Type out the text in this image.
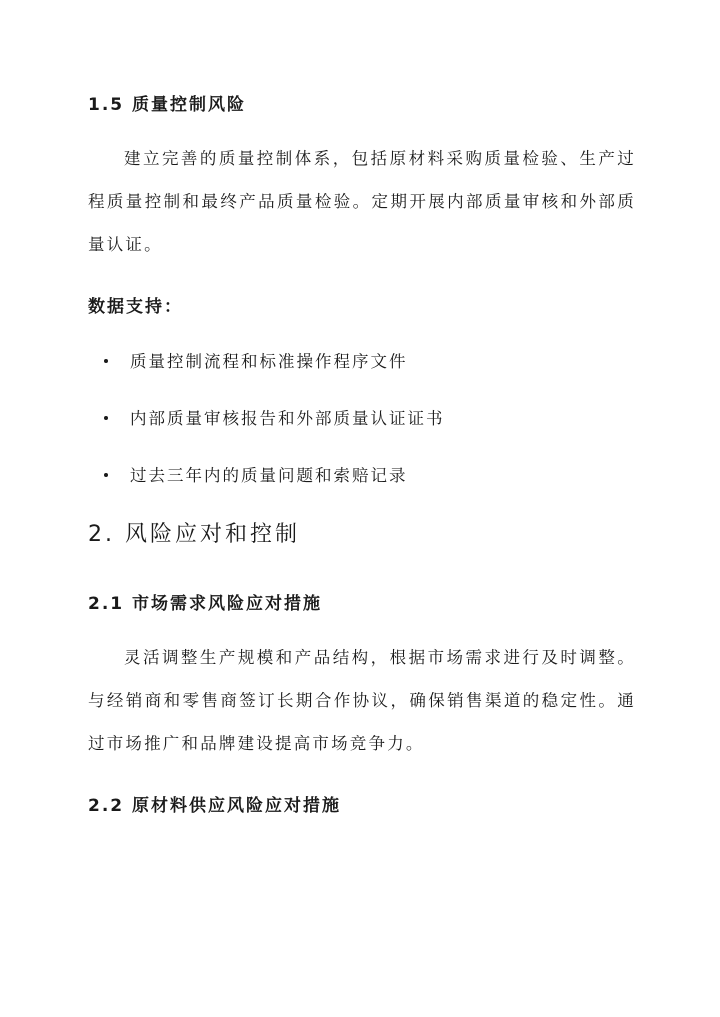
1.5 质量控制风险

建立完善的质量控制体系，包括原材料采购质量检验、生产过程质量控制和最终产品质量检验。定期开展内部质量审核和外部质量认证。

数据支持：
质量控制流程和标准操作程序文件
内部质量审核报告和外部质量认证证书
过去三年内的质量问题和索赔记录
2. 风险应对和控制
2.1 市场需求风险应对措施

灵活调整生产规模和产品结构，根据市场需求进行及时调整。与经销商和零售商签订长期合作协议，确保销售渠道的稳定性。通过市场推广和品牌建设提高市场竞争力。

2.2 原材料供应风险应对措施
